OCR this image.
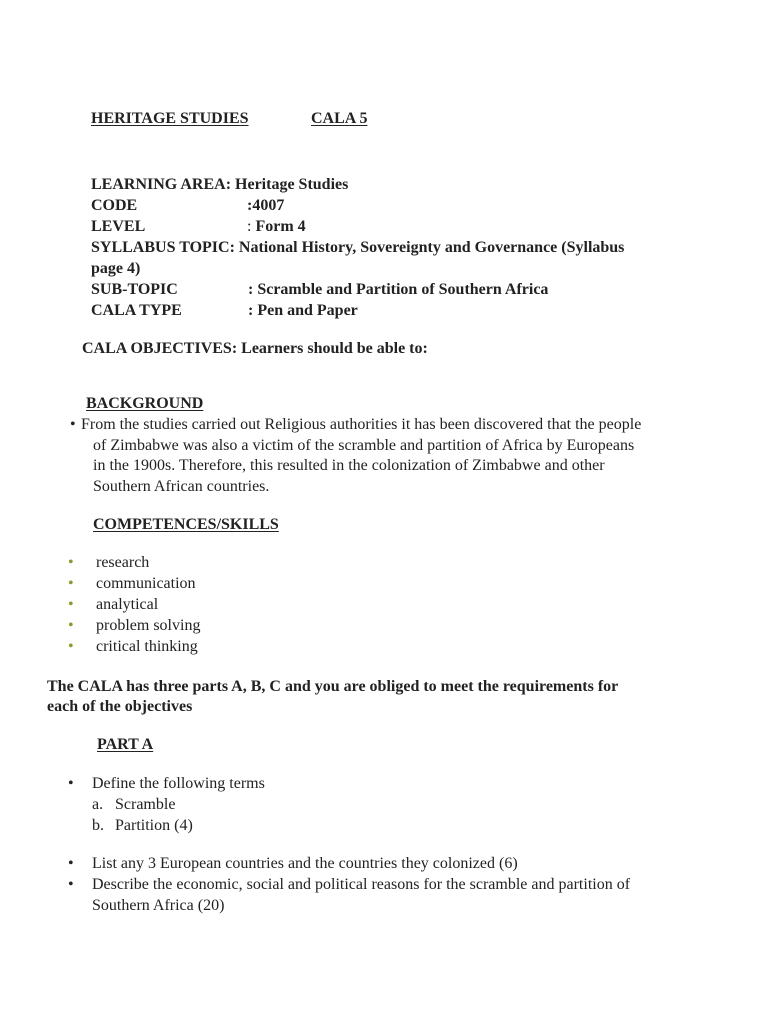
HERITAGE STUDIES	CALA 5
LEARNING AREA: Heritage Studies
CODE	:4007
LEVEL	: Form 4
SYLLABUS TOPIC: National History, Sovereignty and Governance (Syllabus
page 4)
SUB-TOPIC	: Scramble and Partition of Southern Africa
CALA TYPE	: Pen and Paper
CALA OBJECTIVES: Learners should be able to:
BACKGROUND
• From the studies carried out Religious authorities it has been discovered that the people
of Zimbabwe was also a victim of the scramble and partition of Africa by Europeans
in the 1900s. Therefore, this resulted in the colonization of Zimbabwe and other
Southern African countries.
COMPETENCES/SKILLS
• research
• communication
• analytical
• problem solving
• critical thinking
The CALA has three parts A, B, C and you are obliged to meet the requirements for
each of the objectives
PART A
• Define the following terms
a. Scramble
b. Partition (4)
• List any 3 European countries and the countries they colonized (6)
• Describe the economic, social and political reasons for the scramble and partition of
Southern Africa (20)
